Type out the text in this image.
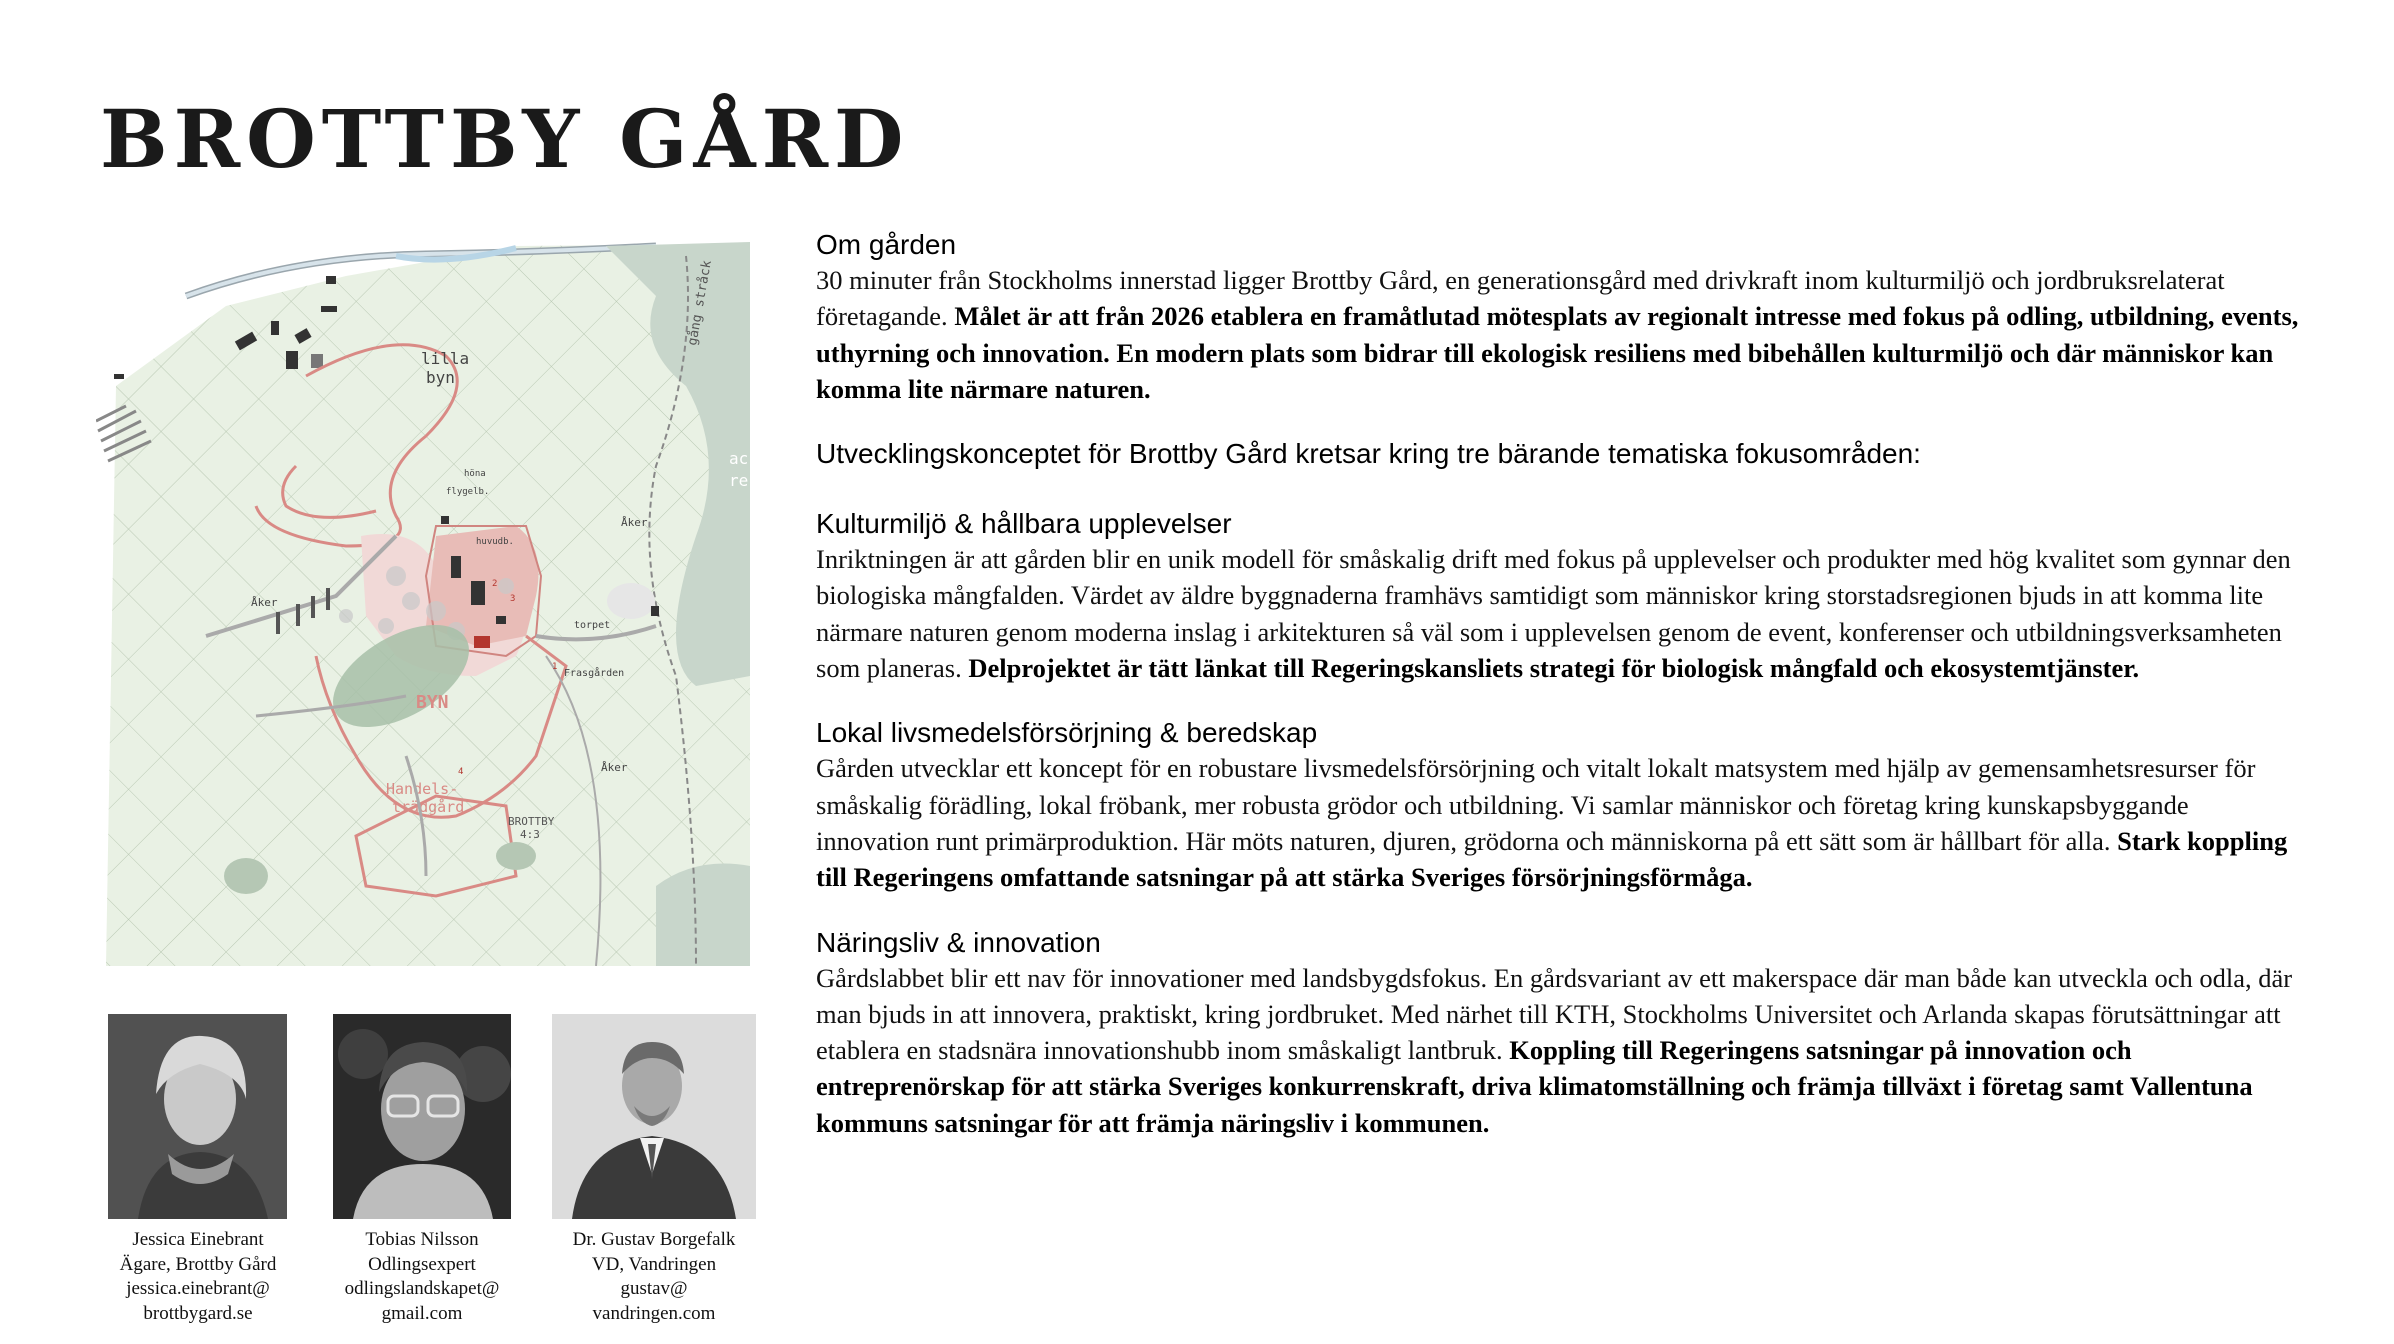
BROTTBY GÅRD
gång stråck
lilla
byn
BYN
Handels-
trädgård
torpet
Åker
Åker
Åker
Frasgården
huvudb.
flygelb.
höna
BROTTBY
4:3
ac
re
1
2
3
4
Jessica Einebrant
Ägare, Brottby Gård
jessica.einebrant@
brottbygard.se
Tobias Nilsson
Odlingsexpert
odlingslandskapet@
gmail.com
Dr. Gustav Borgefalk
VD, Vandringen
gustav@
vandringen.com
Om gården
30 minuter från Stockholms innerstad ligger Brottby Gård, en generationsgård med drivkraft inom kulturmiljö och jordbruksrelaterat företagande. Målet är att från 2026 etablera en framåtlutad mötesplats av regionalt intresse med fokus på odling, utbildning, events, uthyrning och innovation. En modern plats som bidrar till ekologisk resiliens med bibehållen kulturmiljö och där människor kan komma lite närmare naturen.
Utvecklingskonceptet för Brottby Gård kretsar kring tre bärande tematiska fokusområden:
Kulturmiljö & hållbara upplevelser
Inriktningen är att gården blir en unik modell för småskalig drift med fokus på upplevelser och produkter med hög kvalitet som gynnar den biologiska mångfalden. Värdet av äldre byggnaderna framhävs samtidigt som människor kring storstadsregionen bjuds in att komma lite närmare naturen genom moderna inslag i arkitekturen så väl som i upplevelsen genom de event, konferenser och utbildningsverksamheten som planeras. Delprojektet är tätt länkat till Regeringskansliets strategi för biologisk mångfald och ekosystemtjänster.
Lokal livsmedelsförsörjning & beredskap
Gården utvecklar ett koncept för en robustare livsmedelsförsörjning och vitalt lokalt matsystem med hjälp av gemensamhetsresurser för småskalig förädling, lokal fröbank, mer robusta grödor och utbildning. Vi samlar människor och företag kring kunskapsbyggande innovation runt primärproduktion. Här möts naturen, djuren, grödorna och människorna på ett sätt som är hållbart för alla. Stark koppling till Regeringens omfattande satsningar på att stärka Sveriges försörjningsförmåga.
Näringsliv & innovation
Gårdslabbet blir ett nav för innovationer med landsbygdsfokus. En gårdsvariant av ett makerspace där man både kan utveckla och odla, där man bjuds in att innovera, praktiskt, kring jordbruket. Med närhet till KTH, Stockholms Universitet och Arlanda skapas förutsättningar att etablera en stadsnära innovationshubb inom småskaligt lantbruk. Koppling till Regeringens satsningar på innovation och entreprenörskap för att stärka Sveriges konkurrenskraft, driva klimatomställning och främja tillväxt i företag samt Vallentuna kommuns satsningar för att främja näringsliv i kommunen.
